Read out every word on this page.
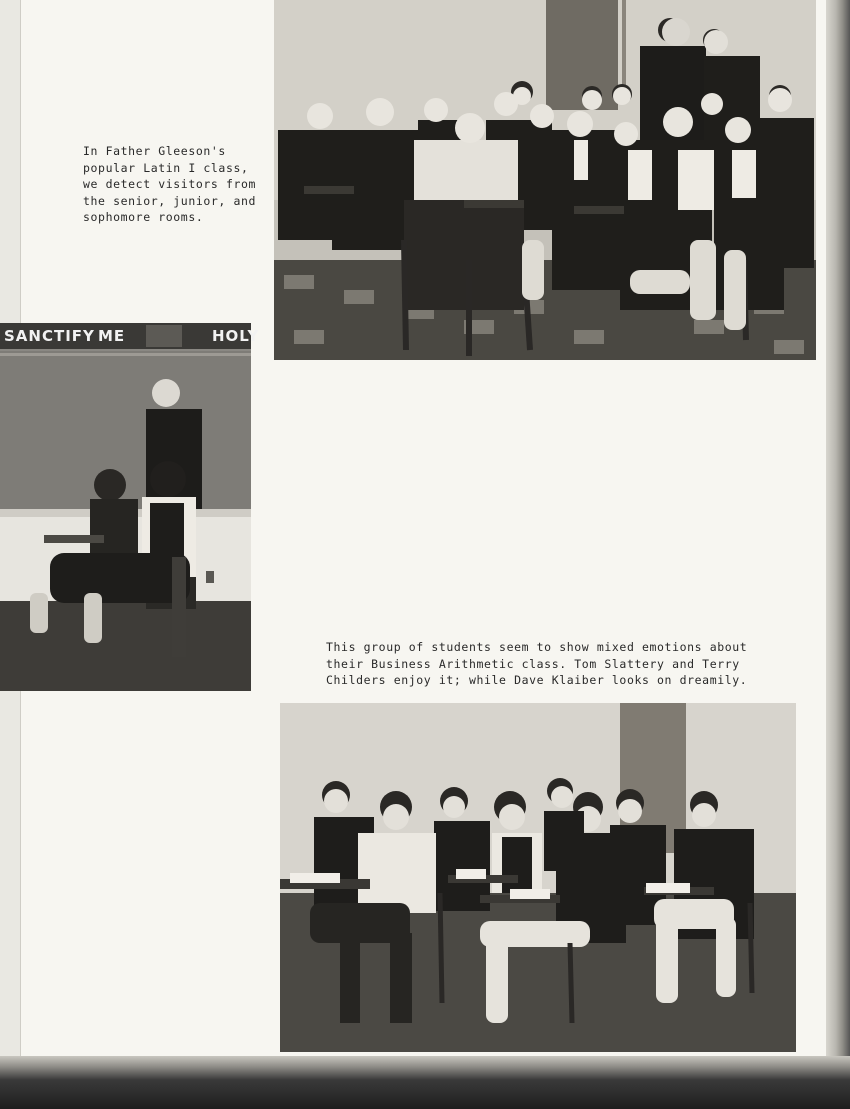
In Father Gleeson's
popular Latin I class,
we detect visitors from
the senior, junior, and
sophomore rooms.

SANCTIFY ME	HOLY

This group of students seem to show mixed emotions about
their Business Arithmetic class. Tom Slattery and Terry
Childers enjoy it; while Dave Klaiber looks on dreamily.
